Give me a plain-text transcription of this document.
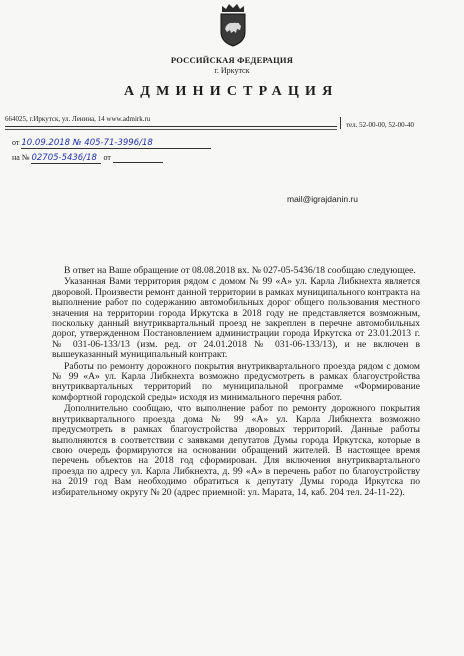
РОССИЙСКАЯ ФЕДЕРАЦИЯ
г. Иркутск
АДМИНИСТРАЦИЯ
664025, г.Иркутск, ул. Ленина, 14 www.admirk.ru
тел. 52-00-00, 52-00-40
от 10.09.2018 № 405-71-3996/18
на № 02705-5436/18 от
mail@igrajdanin.ru

В ответ на Ваше обращение от 08.08.2018 вх. № 027-05-5436/18 сообщаю следующее.

Указанная Вами территория рядом с домом № 99 «А» ул. Карла Либкнехта является дворовой. Произвести ремонт данной территории в рамках муниципального контракта на выполнение работ по содержанию автомобильных дорог общего пользования местного значения на территории города Иркутска в 2018 году не представляется возможным, поскольку данный внутриквартальный проезд не закреплен в перечне автомобильных дорог, утвержденном Постановлением администрации города Иркутска от 23.01.2013 г. № 031-06-133/13 (изм. ред. от 24.01.2018 № 031-06-133/13), и не включен в вышеуказанный муниципальный контракт.

Работы по ремонту дорожного покрытия внутриквартального проезда рядом с домом № 99 «А» ул. Карла Либкнехта возможно предусмотреть в рамках благоустройства внутриквартальных территорий по муниципальной программе «Формирование комфортной городской среды» исходя из минимального перечня работ.

Дополнительно сообщаю, что выполнение работ по ремонту дорожного покрытия внутриквартального проезда дома № 99 «А» ул. Карла Либкнехта возможно предусмотреть в рамках благоустройства дворовых территорий. Данные работы выполняются в соответствии с заявками депутатов Думы города Иркутска, которые в свою очередь формируются на основании обращений жителей. В настоящее время перечень объектов на 2018 год сформирован. Для включения внутриквартального проезда по адресу ул. Карла Либкнехта, д. 99 «А» в перечень работ по благоустройству на 2019 год Вам необходимо обратиться к депутату Думы города Иркутска по избирательному округу № 20 (адрес приемной: ул. Марата, 14, каб. 204 тел. 24-11-22).
